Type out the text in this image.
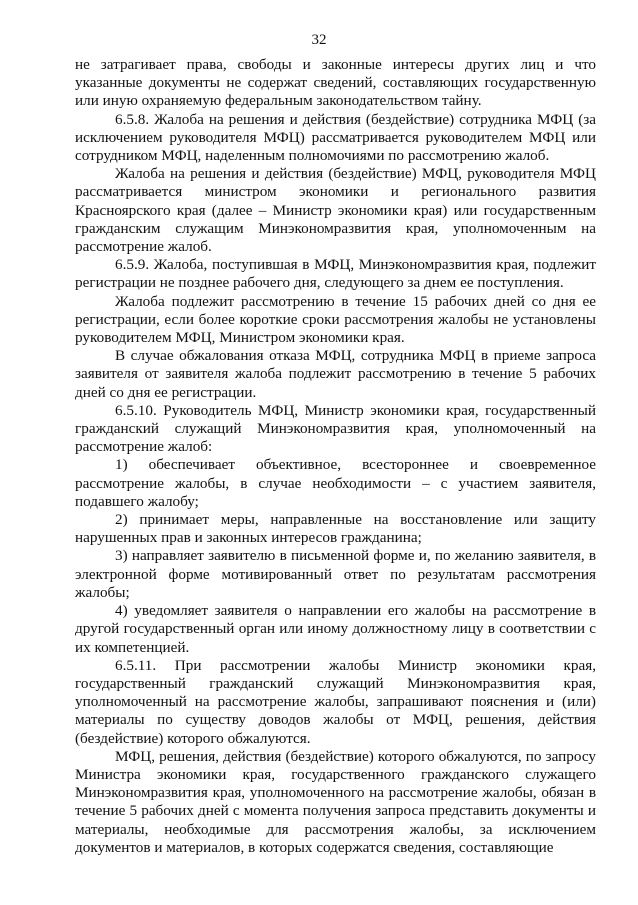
32

не затрагивает права, свободы и законные интересы других лиц и что указанные документы не содержат сведений, составляющих государственную или иную охраняемую федеральным законодательством тайну.

6.5.8. Жалоба на решения и действия (бездействие) сотрудника МФЦ (за исключением руководителя МФЦ) рассматривается руководителем МФЦ или сотрудником МФЦ, наделенным полномочиями по рассмотрению жалоб.

Жалоба на решения и действия (бездействие) МФЦ, руководителя МФЦ рассматривается министром экономики и регионального развития Красноярского края (далее – Министр экономики края) или государственным гражданским служащим Минэкономразвития края, уполномоченным на рассмотрение жалоб.

6.5.9. Жалоба, поступившая в МФЦ, Минэкономразвития края, подлежит регистрации не позднее рабочего дня, следующего за днем ее поступления.

Жалоба подлежит рассмотрению в течение 15 рабочих дней со дня ее регистрации, если более короткие сроки рассмотрения жалобы не установлены руководителем МФЦ, Министром экономики края.

В случае обжалования отказа МФЦ, сотрудника МФЦ в приеме запроса заявителя от заявителя жалоба подлежит рассмотрению в течение 5 рабочих дней со дня ее регистрации.

6.5.10. Руководитель МФЦ, Министр экономики края, государственный гражданский служащий Минэкономразвития края, уполномоченный на рассмотрение жалоб:

1) обеспечивает объективное, всестороннее и своевременное рассмотрение жалобы, в случае необходимости – с участием заявителя, подавшего жалобу;

2) принимает меры, направленные на восстановление или защиту нарушенных прав и законных интересов гражданина;

3) направляет заявителю в письменной форме и, по желанию заявителя, в электронной форме мотивированный ответ по результатам рассмотрения жалобы;

4) уведомляет заявителя о направлении его жалобы на рассмотрение в другой государственный орган или иному должностному лицу в соответствии с их компетенцией.

6.5.11. При рассмотрении жалобы Министр экономики края, государственный гражданский служащий Минэкономразвития края, уполномоченный на рассмотрение жалобы, запрашивают пояснения и (или) материалы по существу доводов жалобы от МФЦ, решения, действия (бездействие) которого обжалуются.

МФЦ, решения, действия (бездействие) которого обжалуются, по запросу Министра экономики края, государственного гражданского служащего Минэкономразвития края, уполномоченного на рассмотрение жалобы, обязан в течение 5 рабочих дней с момента получения запроса представить документы и материалы, необходимые для рассмотрения жалобы, за исключением документов и материалов, в которых содержатся сведения, составляющие
